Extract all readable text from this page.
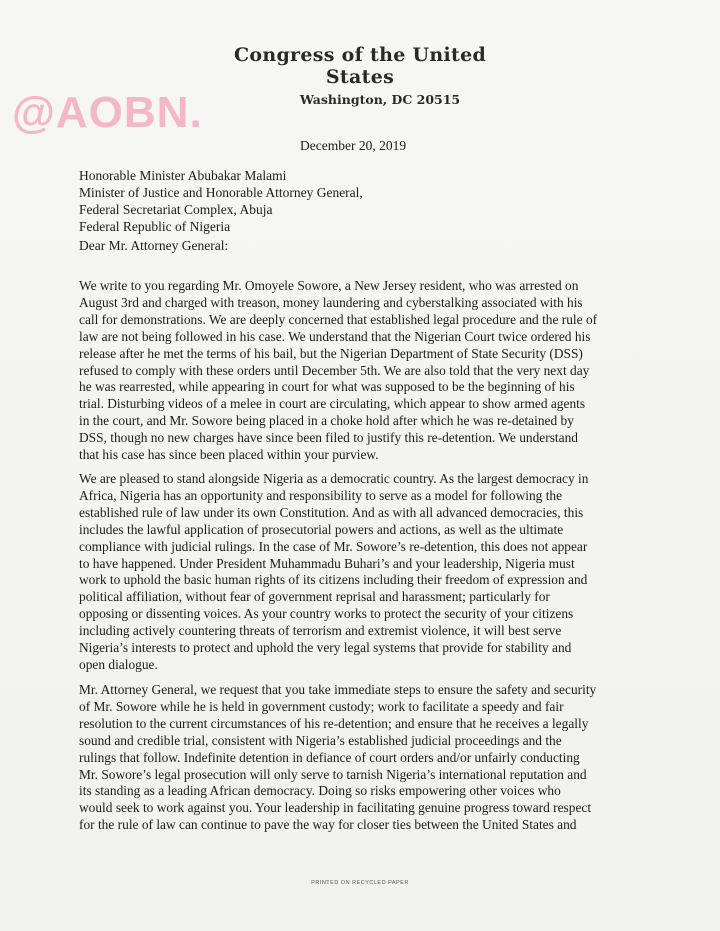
Congress of the United States
Washington, DC 20515
@AOBN.
December 20, 2019
Honorable Minister Abubakar Malami
Minister of Justice and Honorable Attorney General,
Federal Secretariat Complex, Abuja
Federal Republic of Nigeria
Dear Mr. Attorney General:
We write to you regarding Mr. Omoyele Sowore, a New Jersey resident, who was arrested on
August 3rd and charged with treason, money laundering and cyberstalking associated with his
call for demonstrations. We are deeply concerned that established legal procedure and the rule of
law are not being followed in his case. We understand that the Nigerian Court twice ordered his
release after he met the terms of his bail, but the Nigerian Department of State Security (DSS)
refused to comply with these orders until December 5th. We are also told that the very next day
he was rearrested, while appearing in court for what was supposed to be the beginning of his
trial. Disturbing videos of a melee in court are circulating, which appear to show armed agents
in the court, and Mr. Sowore being placed in a choke hold after which he was re-detained by
DSS, though no new charges have since been filed to justify this re-detention. We understand
that his case has since been placed within your purview.
We are pleased to stand alongside Nigeria as a democratic country. As the largest democracy in
Africa, Nigeria has an opportunity and responsibility to serve as a model for following the
established rule of law under its own Constitution. And as with all advanced democracies, this
includes the lawful application of prosecutorial powers and actions, as well as the ultimate
compliance with judicial rulings. In the case of Mr. Sowore’s re-detention, this does not appear
to have happened. Under President Muhammadu Buhari’s and your leadership, Nigeria must
work to uphold the basic human rights of its citizens including their freedom of expression and
political affiliation, without fear of government reprisal and harassment; particularly for
opposing or dissenting voices. As your country works to protect the security of your citizens
including actively countering threats of terrorism and extremist violence, it will best serve
Nigeria’s interests to protect and uphold the very legal systems that provide for stability and
open dialogue.
Mr. Attorney General, we request that you take immediate steps to ensure the safety and security
of Mr. Sowore while he is held in government custody; work to facilitate a speedy and fair
resolution to the current circumstances of his re-detention; and ensure that he receives a legally
sound and credible trial, consistent with Nigeria’s established judicial proceedings and the
rulings that follow. Indefinite detention in defiance of court orders and/or unfairly conducting
Mr. Sowore’s legal prosecution will only serve to tarnish Nigeria’s international reputation and
its standing as a leading African democracy. Doing so risks empowering other voices who
would seek to work against you. Your leadership in facilitating genuine progress toward respect
for the rule of law can continue to pave the way for closer ties between the United States and
PRINTED ON RECYCLED PAPER
